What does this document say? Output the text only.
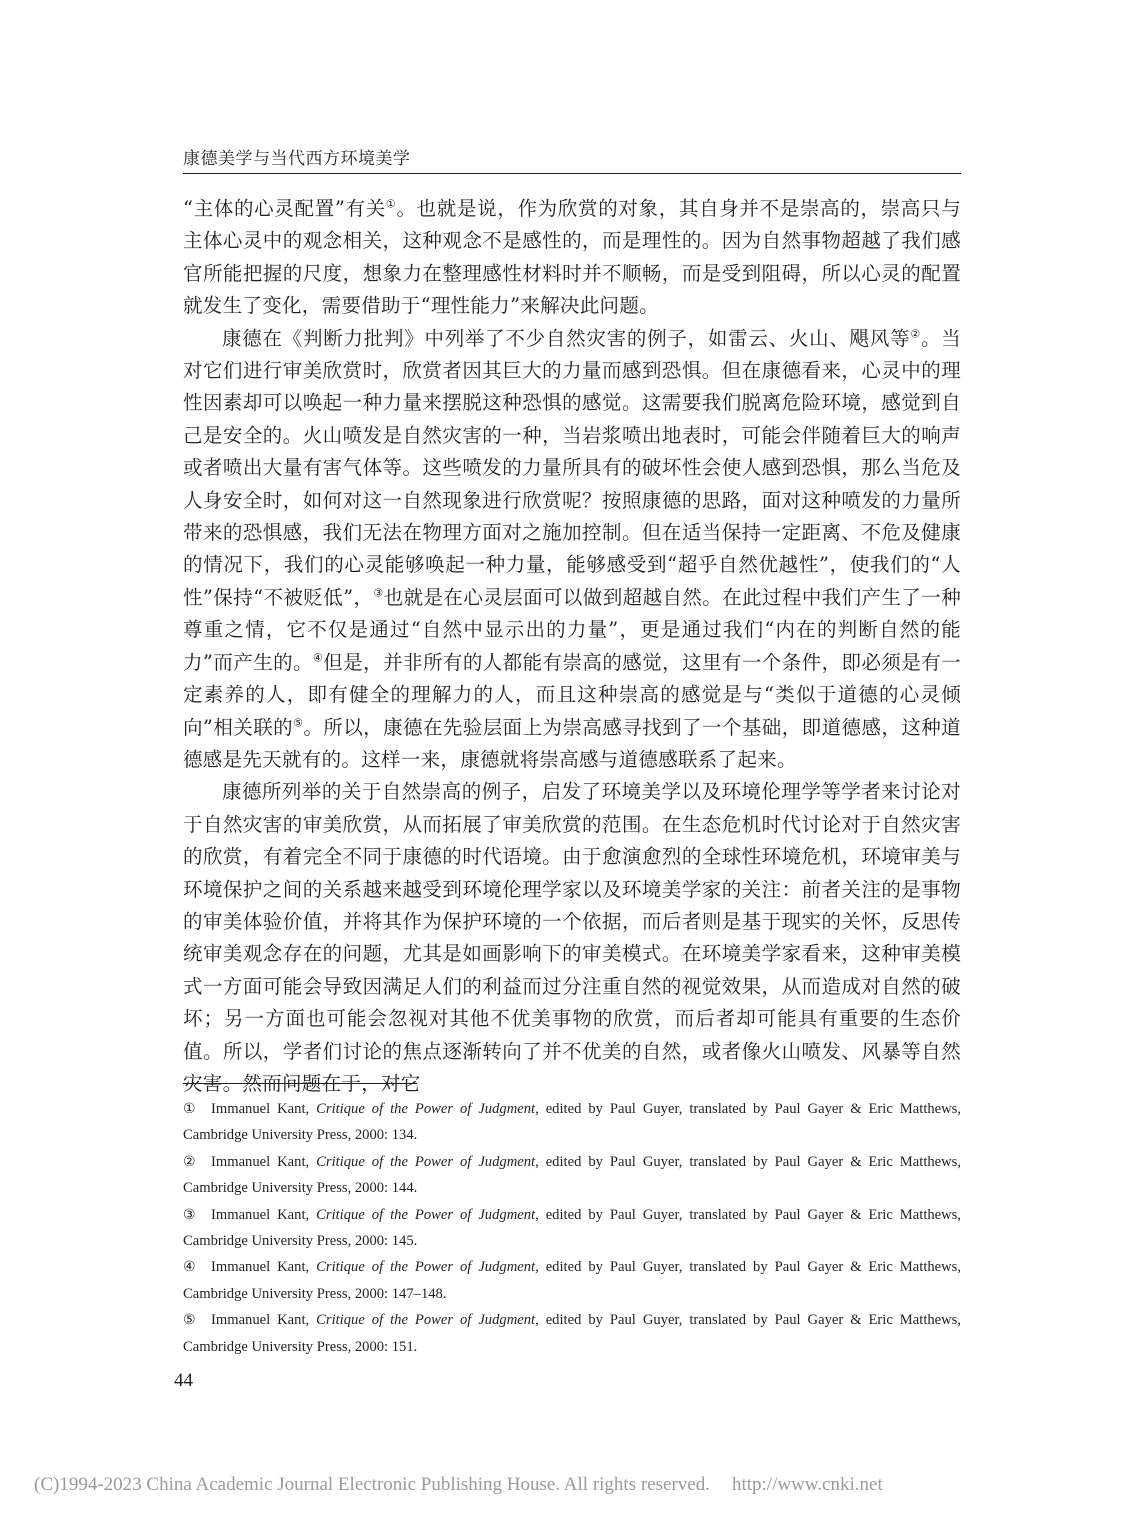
康德美学与当代西方环境美学

“主体的心灵配置”有关①。也就是说，作为欣赏的对象，其自身并不是崇高的，崇高只与主体心灵中的观念相关，这种观念不是感性的，而是理性的。因为自然事物超越了我们感官所能把握的尺度，想象力在整理感性材料时并不顺畅，而是受到阻碍，所以心灵的配置就发生了变化，需要借助于“理性能力”来解决此问题。

康德在《判断力批判》中列举了不少自然灾害的例子，如雷云、火山、飓风等②。当对它们进行审美欣赏时，欣赏者因其巨大的力量而感到恐惧。但在康德看来，心灵中的理性因素却可以唤起一种力量来摆脱这种恐惧的感觉。这需要我们脱离危险环境，感觉到自己是安全的。火山喷发是自然灾害的一种，当岩浆喷出地表时，可能会伴随着巨大的响声或者喷出大量有害气体等。这些喷发的力量所具有的破坏性会使人感到恐惧，那么当危及人身安全时，如何对这一自然现象进行欣赏呢？按照康德的思路，面对这种喷发的力量所带来的恐惧感，我们无法在物理方面对之施加控制。但在适当保持一定距离、不危及健康的情况下，我们的心灵能够唤起一种力量，能够感受到“超乎自然优越性”，使我们的“人性”保持“不被贬低”，③也就是在心灵层面可以做到超越自然。在此过程中我们产生了一种尊重之情，它不仅是通过“自然中显示出的力量”，更是通过我们“内在的判断自然的能力”而产生的。④但是，并非所有的人都能有崇高的感觉，这里有一个条件，即必须是有一定素养的人，即有健全的理解力的人，而且这种崇高的感觉是与“类似于道德的心灵倾向”相关联的⑤。所以，康德在先验层面上为崇高感寻找到了一个基础，即道德感，这种道德感是先天就有的。这样一来，康德就将崇高感与道德感联系了起来。

康德所列举的关于自然崇高的例子，启发了环境美学以及环境伦理学等学者来讨论对于自然灾害的审美欣赏，从而拓展了审美欣赏的范围。在生态危机时代讨论对于自然灾害的欣赏，有着完全不同于康德的时代语境。由于愈演愈烈的全球性环境危机，环境审美与环境保护之间的关系越来越受到环境伦理学家以及环境美学家的关注：前者关注的是事物的审美体验价值，并将其作为保护环境的一个依据，而后者则是基于现实的关怀，反思传统审美观念存在的问题，尤其是如画影响下的审美模式。在环境美学家看来，这种审美模式一方面可能会导致因满足人们的利益而过分注重自然的视觉效果，从而造成对自然的破坏；另一方面也可能会忽视对其他不优美事物的欣赏，而后者却可能具有重要的生态价值。所以，学者们讨论的焦点逐渐转向了并不优美的自然，或者像火山喷发、风暴等自然灾害。然而问题在于，对它

① Immanuel Kant, Critique of the Power of Judgment, edited by Paul Guyer, translated by Paul Gayer & Eric Matthews, Cambridge University Press, 2000: 134.

② Immanuel Kant, Critique of the Power of Judgment, edited by Paul Guyer, translated by Paul Gayer & Eric Matthews, Cambridge University Press, 2000: 144.

③ Immanuel Kant, Critique of the Power of Judgment, edited by Paul Guyer, translated by Paul Gayer & Eric Matthews, Cambridge University Press, 2000: 145.

④ Immanuel Kant, Critique of the Power of Judgment, edited by Paul Guyer, translated by Paul Gayer & Eric Matthews, Cambridge University Press, 2000: 147–148.

⑤ Immanuel Kant, Critique of the Power of Judgment, edited by Paul Guyer, translated by Paul Gayer & Eric Matthews, Cambridge University Press, 2000: 151.

44
(C)1994-2023 China Academic Journal Electronic Publishing House. All rights reserved. http://www.cnki.net
